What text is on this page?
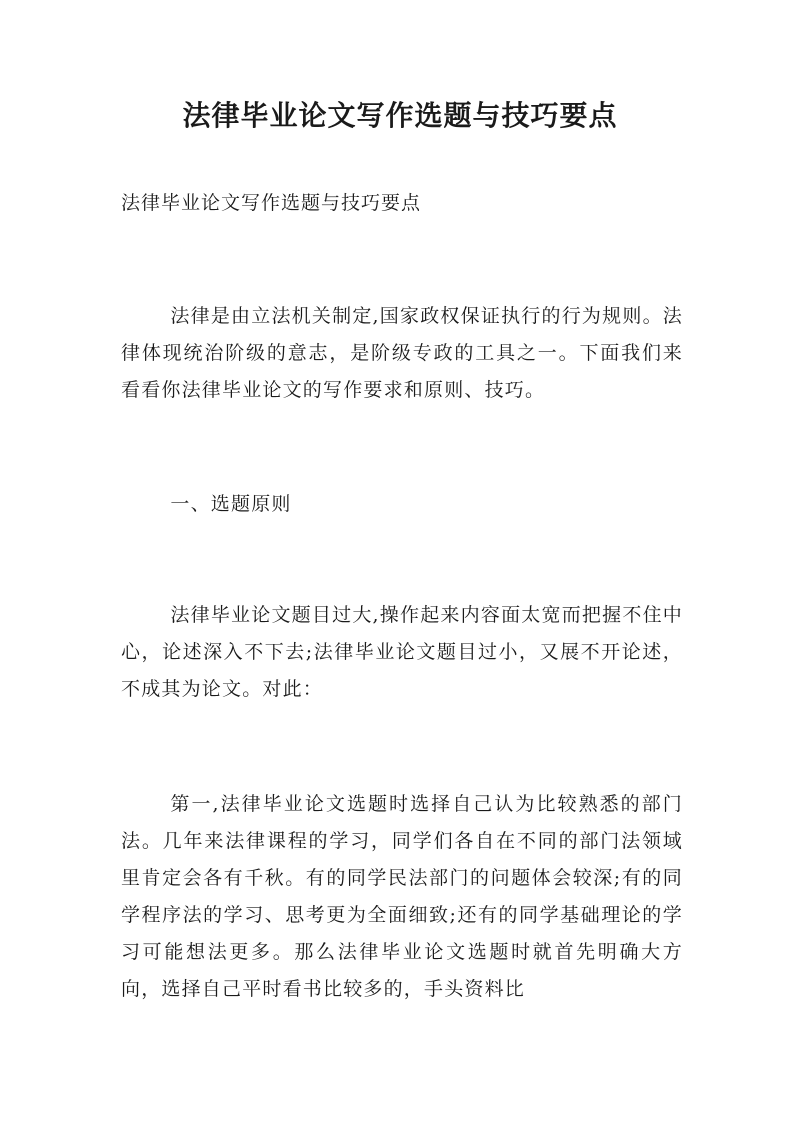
法律毕业论文写作选题与技巧要点

法律毕业论文写作选题与技巧要点

法律是由立法机关制定,国家政权保证执行的行为规则。法律体现统治阶级的意志，是阶级专政的工具之一。下面我们来看看你法律毕业论文的写作要求和原则、技巧。

一、选题原则

法律毕业论文题目过大,操作起来内容面太宽而把握不住中心，论述深入不下去;法律毕业论文题目过小，又展不开论述，不成其为论文。对此：

第一,法律毕业论文选题时选择自己认为比较熟悉的部门法。几年来法律课程的学习，同学们各自在不同的部门法领域里肯定会各有千秋。有的同学民法部门的问题体会较深;有的同学程序法的学习、思考更为全面细致;还有的同学基础理论的学习可能想法更多。那么法律毕业论文选题时就首先明确大方向，选择自己平时看书比较多的，手头资料比
